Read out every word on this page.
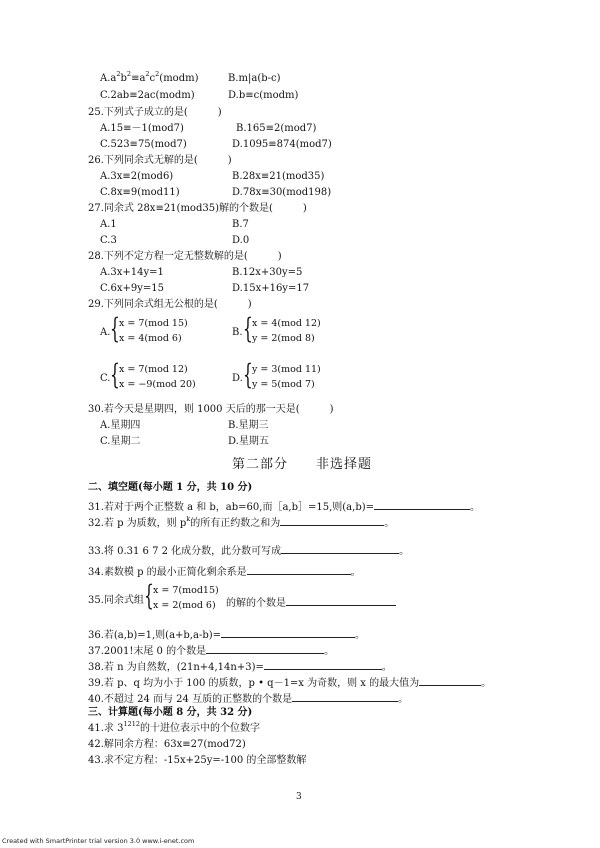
$A.a^2b^2\equiv a^2c^2(modm)$	B.m|a(b-c)
C.2ab≡2ac(modm)	D.b≡c(modm)
25.下列式子成立的是(　　　)
A.15≡－1(mod7)	B.165≡2(mod7)
C.523≡75(mod7)	D.1095≡874(mod7)
26.下列同余式无解的是(　　　)
A.3x≡2(mod6)	B.28x≡21(mod35)
C.8x≡9(mod11)	D.78x≡30(mod198)
27.同余式 28x≡21(mod35)解的个数是(　　　)
A.1	B.7
C.3	D.0
28.下列不定方程一定无整数解的是(　　　)
A.3x+14y=1	B.12x+30y=5
C.6x+9y=15	D.15x+16y=17
29.下列同余式组无公根的是(　　　)
A. { x = 7(mod 15)
x = 4(mod 6)
B. { x = 4(mod 12)
y = 2(mod 8)
C. { x = 7(mod 12)
x = −9(mod 20)
D. { y = 3(mod 11)
y = 5(mod 7)
30.若今天是星期四，则 1000 天后的那一天是(　　　)
A.星期四	B.星期三
C.星期二	D.星期五
第二部分　　非选择题
二、填空题(每小题 1 分，共 10 分)
31.若对于两个正整数 a 和 b，ab=60,而［a,b］=15,则(a,b)=	。
32.若 p 为质数，则 $p^k$的所有正约数之和为	。
33.将 0.31 6 7 2 化成分数，此分数可写成	。
34.素数模 p 的最小正简化剩余系是	。
35.同余式组 { x = 7(mod15)
x = 2(mod 6) 的解的个数是
36.若(a,b)=1,则(a+b,a-b)=	。
37.2001!末尾 0 的个数是	。
38.若 n 为自然数，(21n+4,14n+3)=	。
39.若 p、q 均为小于 100 的质数，p • q－1=x 为奇数，则 x 的最大值为	。
40.不超过 24 而与 24 互质的正整数的个数是	。
三、计算题(每小题 8 分，共 32 分)
41.求 $3^{1212}$的十进位表示中的个位数字
42.解同余方程：63x≡27(mod72)
43.求不定方程：-15x+25y=-100 的全部整数解
3
Created with SmartPrinter trial version 3.0 www.i-enet.com
